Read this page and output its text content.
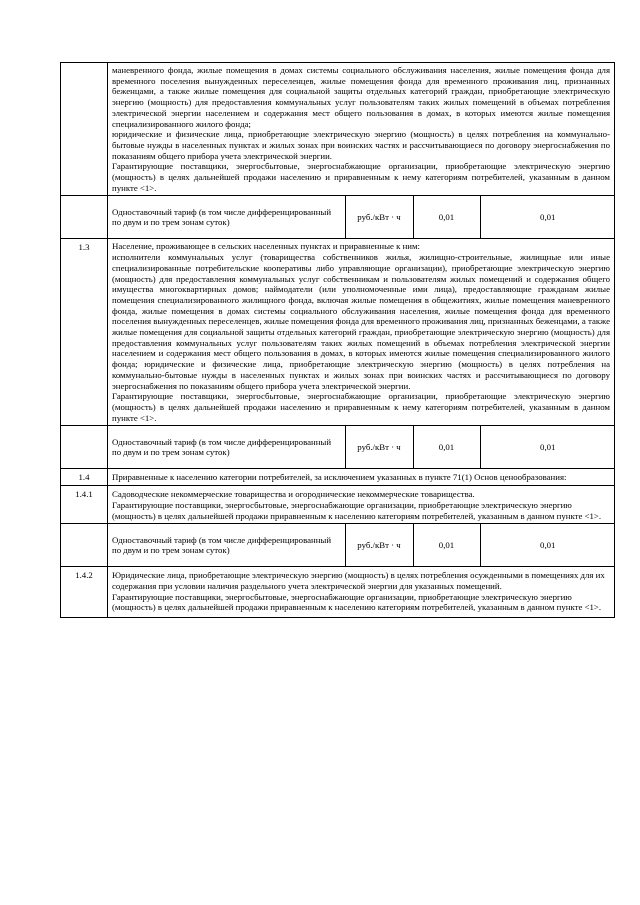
маневренного фонда, жилые помещения в домах системы социального обслуживания населения, жилые помещения фонда для временного поселения вынужденных переселенцев, жилые помещения фонда для временного проживания лиц, признанных беженцами, а также жилые помещения для социальной защиты отдельных категорий граждан, приобретающие электрическую энергию (мощность) для предоставления коммунальных услуг пользователям таких жилых помещений в объемах потребления электрической энергии населением и содержания мест общего пользования в домах, в которых имеются жилые помещения специализированного жилого фонда;

юридические и физические лица, приобретающие электрическую энергию (мощность) в целях потребления на коммунально-бытовые нужды в населенных пунктах и жилых зонах при воинских частях и рассчитывающиеся по договору энергоснабжения по показаниям общего прибора учета электрической энергии.

Гарантирующие поставщики, энергосбытовые, энергоснабжающие организации, приобретающие электрическую энергию (мощность) в целях дальнейшей продажи населению и приравненным к нему категориям потребителей, указанным в данном пункте <1>.

Одноставочный тариф (в том числе дифференцированный по двум и по трем зонам суток)	руб./кВт · ч	0,01	0,01

1.3	Население, проживающее в сельских населенных пунктах и приравненные к ним:

исполнители коммунальных услуг (товарищества собственников жилья, жилищно-строительные, жилищные или иные специализированные потребительские кооперативы либо управляющие организации), приобретающие электрическую энергию (мощность) для предоставления коммунальных услуг собственникам и пользователям жилых помещений и содержания общего имущества многоквартирных домов; наймодатели (или уполномоченные ими лица), предоставляющие гражданам жилые помещения специализированного жилищного фонда, включая жилые помещения в общежитиях, жилые помещения маневренного фонда, жилые помещения в домах системы социального обслуживания населения, жилые помещения фонда для временного поселения вынужденных переселенцев, жилые помещения фонда для временного проживания лиц, признанных беженцами, а также жилые помещения для социальной защиты отдельных категорий граждан, приобретающие электрическую энергию (мощность) для предоставления коммунальных услуг пользователям таких жилых помещений в объемах потребления электрической энергии населением и содержания мест общего пользования в домах, в которых имеются жилые помещения специализированного жилого фонда; юридические и физические лица, приобретающие электрическую энергию (мощность) в целях потребления на коммунально-бытовые нужды в населенных пунктах и жилых зонах при воинских частях и рассчитывающиеся по договору энергоснабжения по показаниям общего прибора учета электрической энергии.

Гарантирующие поставщики, энергосбытовые, энергоснабжающие организации, приобретающие электрическую энергию (мощность) в целях дальнейшей продажи населению и приравненным к нему категориям потребителей, указанным в данном пункте <1>.

Одноставочный тариф (в том числе дифференцированный по двум и по трем зонам суток)	руб./кВт · ч	0,01	0,01

1.4	Приравненные к населению категории потребителей, за исключением указанных в пункте 71(1) Основ ценообразования:

1.4.1	Садоводческие некоммерческие товарищества и огороднические некоммерческие товарищества.

Гарантирующие поставщики, энергосбытовые, энергоснабжающие организации, приобретающие электрическую энергию (мощность) в целях дальнейшей продажи приравненным к населению категориям потребителей, указанным в данном пункте <1>.

Одноставочный тариф (в том числе дифференцированный по двум и по трем зонам суток)	руб./кВт · ч	0,01	0,01

1.4.2	Юридические лица, приобретающие электрическую энергию (мощность) в целях потребления осужденными в помещениях для их содержания при условии наличия раздельного учета электрической энергии для указанных помещений.

Гарантирующие поставщики, энергосбытовые, энергоснабжающие организации, приобретающие электрическую энергию (мощность) в целях дальнейшей продажи приравненным к населению категориям потребителей, указанным в данном пункте <1>.
